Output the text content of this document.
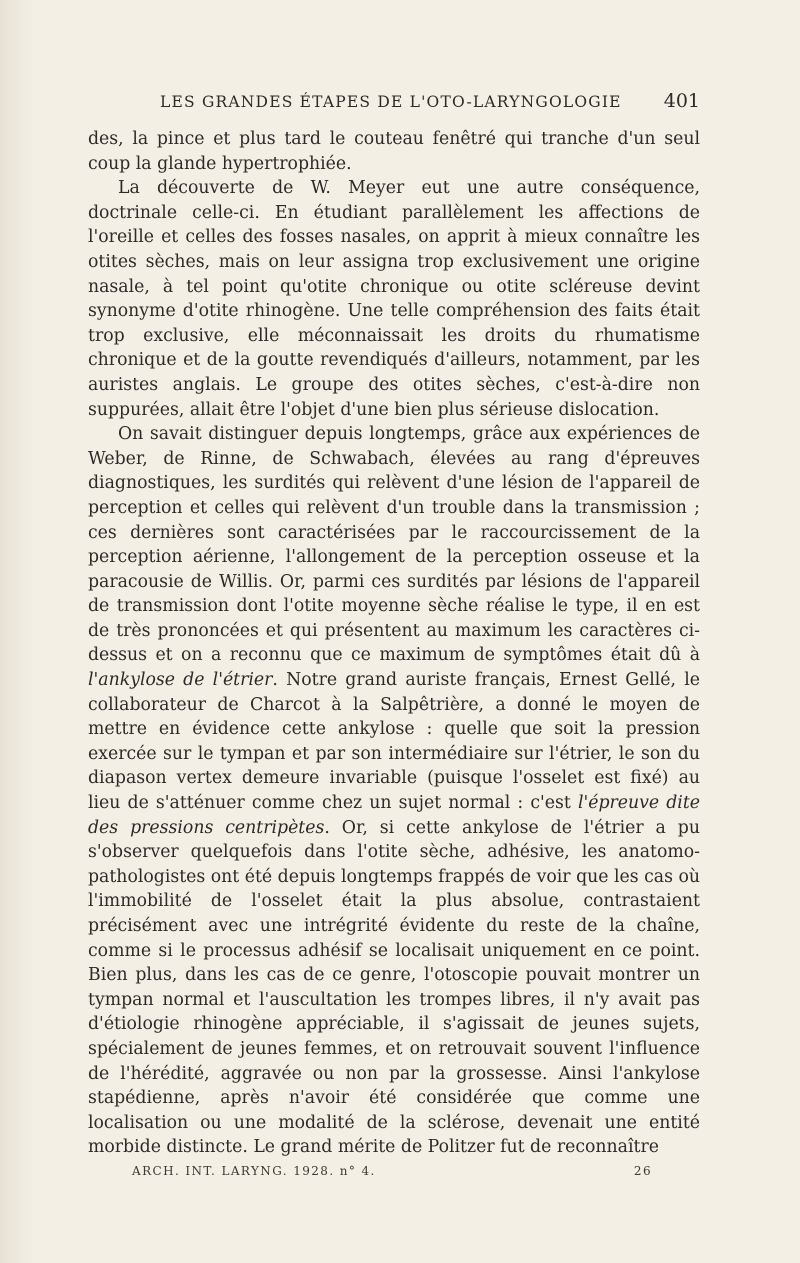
LES GRANDES ÉTAPES DE L'OTO-LARYNGOLOGIE 401

des, la pince et plus tard le couteau fenêtré qui tranche d'un seul coup la glande hypertrophiée.

La découverte de W. Meyer eut une autre conséquence, doctrinale celle-ci. En étudiant parallèlement les affections de l'oreille et celles des fosses nasales, on apprit à mieux connaître les otites sèches, mais on leur assigna trop exclusivement une origine nasale, à tel point qu'otite chronique ou otite scléreuse devint synonyme d'otite rhinogène. Une telle compréhension des faits était trop exclusive, elle méconnaissait les droits du rhumatisme chronique et de la goutte revendiqués d'ailleurs, notamment, par les auristes anglais. Le groupe des otites sèches, c'est-à-dire non suppurées, allait être l'objet d'une bien plus sérieuse dislocation.

On savait distinguer depuis longtemps, grâce aux expériences de Weber, de Rinne, de Schwabach, élevées au rang d'épreuves diagnostiques, les surdités qui relèvent d'une lésion de l'appareil de perception et celles qui relèvent d'un trouble dans la transmission ; ces dernières sont caractérisées par le raccourcissement de la perception aérienne, l'allongement de la perception osseuse et la paracousie de Willis. Or, parmi ces surdités par lésions de l'appareil de transmission dont l'otite moyenne sèche réalise le type, il en est de très prononcées et qui présentent au maximum les caractères ci-dessus et on a reconnu que ce maximum de symptômes était dû à l'ankylose de l'étrier. Notre grand auriste français, Ernest Gellé, le collaborateur de Charcot à la Salpêtrière, a donné le moyen de mettre en évidence cette ankylose : quelle que soit la pression exercée sur le tympan et par son intermédiaire sur l'étrier, le son du diapason vertex demeure invariable (puisque l'osselet est fixé) au lieu de s'atténuer comme chez un sujet normal : c'est l'épreuve dite des pressions centripètes. Or, si cette ankylose de l'étrier a pu s'observer quelquefois dans l'otite sèche, adhésive, les anatomo-pathologistes ont été depuis longtemps frappés de voir que les cas où l'immobilité de l'osselet était la plus absolue, contrastaient précisément avec une intrégrité évidente du reste de la chaîne, comme si le processus adhésif se localisait uniquement en ce point. Bien plus, dans les cas de ce genre, l'otoscopie pouvait montrer un tympan normal et l'auscultation les trompes libres, il n'y avait pas d'étiologie rhinogène appréciable, il s'agissait de jeunes sujets, spécialement de jeunes femmes, et on retrouvait souvent l'influence de l'hérédité, aggravée ou non par la grossesse. Ainsi l'ankylose stapédienne, après n'avoir été considérée que comme une localisation ou une modalité de la sclérose, devenait une entité morbide distincte. Le grand mérite de Politzer fut de reconnaître

ARCH. INT. LARYNG. 1928. n° 4.	26
